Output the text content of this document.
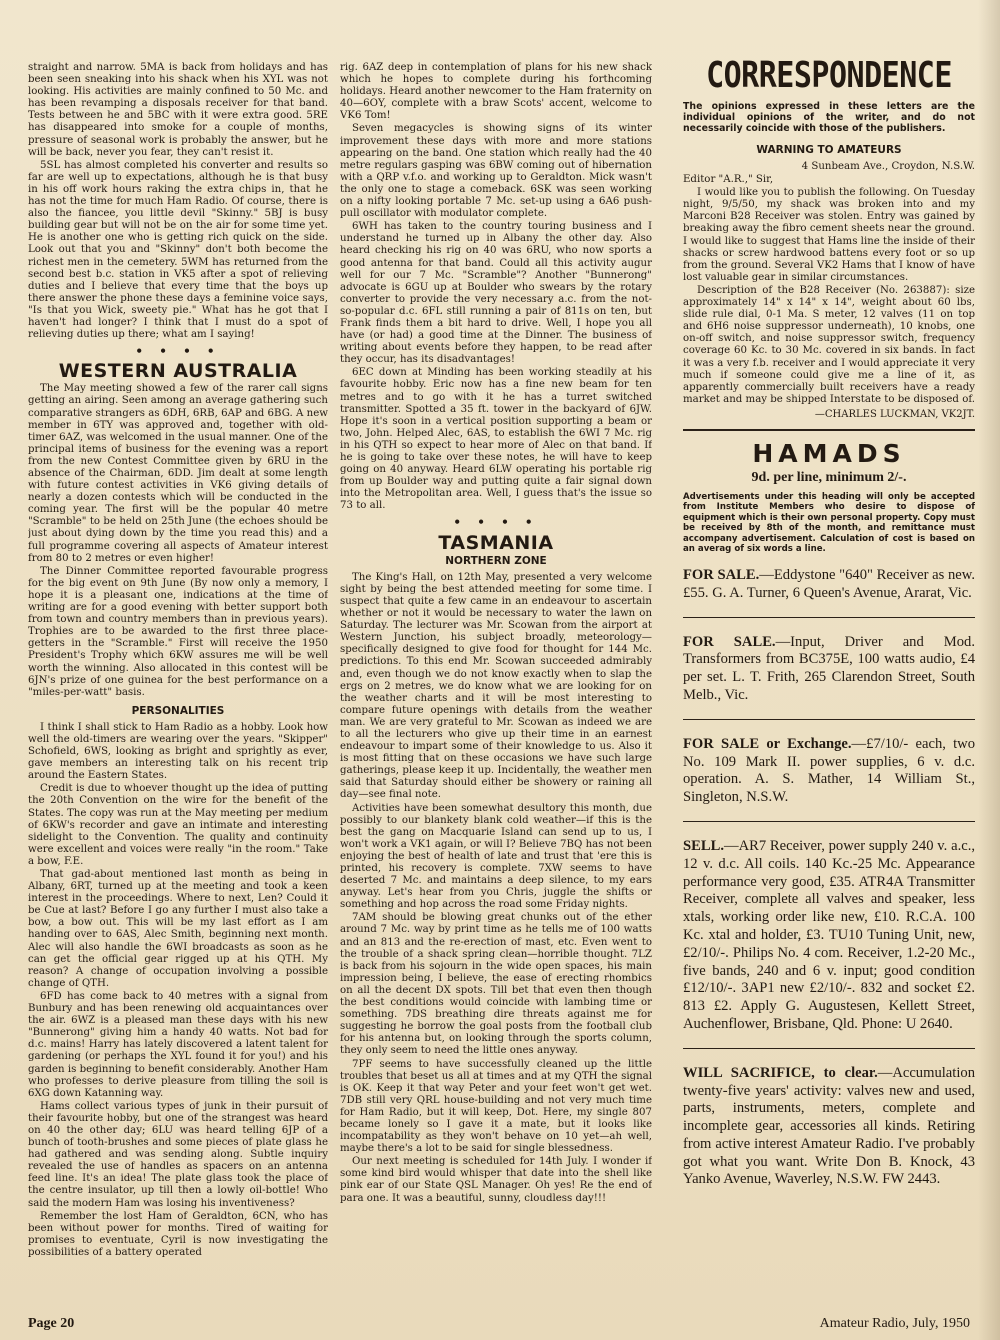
straight and narrow. 5MA is back from holidays and has been seen sneaking into his shack when his XYL was not looking. His activities are mainly confined to 50 Mc. and has been revamping a disposals receiver for that band. Tests between he and 5BC with it were extra good. 5RE has disappeared into smoke for a couple of months, pressure of seasonal work is probably the answer, but he will be back, never you fear, they can't resist it.

5SL has almost completed his converter and results so far are well up to expectations, although he is that busy in his off work hours raking the extra chips in, that he has not the time for much Ham Radio. Of course, there is also the fiancee, you little devil "Skinny." 5BJ is busy building gear but will not be on the air for some time yet. He is another one who is getting rich quick on the side. Look out that you and "Skinny" don't both become the richest men in the cemetery. 5WM has returned from the second best b.c. station in VK5 after a spot of relieving duties and I believe that every time that the boys up there answer the phone these days a feminine voice says, "Is that you Wick, sweety pie." What has he got that I haven't had longer? I think that I must do a spot of relieving duties up there; what am I saying!

• • • •
WESTERN AUSTRALIA

The May meeting showed a few of the rarer call signs getting an airing. Seen among an average gathering such comparative strangers as 6DH, 6RB, 6AP and 6BG. A new member in 6TY was approved and, together with old-timer 6AZ, was welcomed in the usual manner. One of the principal items of business for the evening was a report from the new Contest Committee given by 6RU in the absence of the Chairman, 6DD. Jim dealt at some length with future contest activities in VK6 giving details of nearly a dozen contests which will be conducted in the coming year. The first will be the popular 40 metre "Scramble" to be held on 25th June (the echoes should be just about dying down by the time you read this) and a full programme covering all aspects of Amateur interest from 80 to 2 metres or even higher!

The Dinner Committee reported favourable progress for the big event on 9th June (By now only a memory, I hope it is a pleasant one, indications at the time of writing are for a good evening with better support both from town and country members than in previous years). Trophies are to be awarded to the first three place-getters in the "Scramble." First will receive the 1950 President's Trophy which 6KW assures me will be well worth the winning. Also allocated in this contest will be 6JN's prize of one guinea for the best performance on a "miles-per-watt" basis.

PERSONALITIES

I think I shall stick to Ham Radio as a hobby. Look how well the old-timers are wearing over the years. "Skipper" Schofield, 6WS, looking as bright and sprightly as ever, gave members an interesting talk on his recent trip around the Eastern States.

Credit is due to whoever thought up the idea of putting the 20th Convention on the wire for the benefit of the States. The copy was run at the May meeting per medium of 6KW's recorder and gave an intimate and interesting sidelight to the Convention. The quality and continuity were excellent and voices were really "in the room." Take a bow, F.E.

That gad-about mentioned last month as being in Albany, 6RT, turned up at the meeting and took a keen interest in the proceedings. Where to next, Len? Could it be Cue at last? Before I go any further I must also take a bow, a bow out. This will be my last effort as I am handing over to 6AS, Alec Smith, beginning next month. Alec will also handle the 6WI broadcasts as soon as he can get the official gear rigged up at his QTH. My reason? A change of occupation involving a possible change of QTH.

6FD has come back to 40 metres with a signal from Bunbury and has been renewing old acquaintances over the air. 6WZ is a pleased man these days with his new "Bunnerong" giving him a handy 40 watts. Not bad for d.c. mains! Harry has lately discovered a latent talent for gardening (or perhaps the XYL found it for you!) and his garden is beginning to benefit considerably. Another Ham who professes to derive pleasure from tilling the soil is 6XG down Katanning way.

Hams collect various types of junk in their pursuit of their favourite hobby, but one of the strangest was heard on 40 the other day; 6LU was heard telling 6JP of a bunch of tooth-brushes and some pieces of plate glass he had gathered and was sending along. Subtle inquiry revealed the use of handles as spacers on an antenna feed line. It's an idea! The plate glass took the place of the centre insulator, up till then a lowly oil-bottle! Who said the modern Ham was losing his inventiveness?

Remember the lost Ham of Geraldton, 6CN, who has been without power for months. Tired of waiting for promises to eventuate, Cyril is now investigating the possibilities of a battery operated

rig. 6AZ deep in contemplation of plans for his new shack which he hopes to complete during his forthcoming holidays. Heard another newcomer to the Ham fraternity on 40—6OY, complete with a braw Scots' accent, welcome to VK6 Tom!

Seven megacycles is showing signs of its winter improvement these days with more and more stations appearing on the band. One station which really had the 40 metre regulars gasping was 6BW coming out of hibernation with a QRP v.f.o. and working up to Geraldton. Mick wasn't the only one to stage a comeback. 6SK was seen working on a nifty looking portable 7 Mc. set-up using a 6A6 push-pull oscillator with modulator complete.

6WH has taken to the country touring business and I understand he turned up in Albany the other day. Also heard checking his rig on 40 was 6RU, who now sports a good antenna for that band. Could all this activity augur well for our 7 Mc. "Scramble"? Another "Bunnerong" advocate is 6GU up at Boulder who swears by the rotary converter to provide the very necessary a.c. from the not-so-popular d.c. 6FL still running a pair of 811s on ten, but Frank finds them a bit hard to drive. Well, I hope you all have (or had) a good time at the Dinner. The business of writing about events before they happen, to be read after they occur, has its disadvantages!

6EC down at Minding has been working steadily at his favourite hobby. Eric now has a fine new beam for ten metres and to go with it he has a turret switched transmitter. Spotted a 35 ft. tower in the backyard of 6JW. Hope it's soon in a vertical position supporting a beam or two, John. Helped Alec, 6AS, to establish the 6WI 7 Mc. rig in his QTH so expect to hear more of Alec on that band. If he is going to take over these notes, he will have to keep going on 40 anyway. Heard 6LW operating his portable rig from up Boulder way and putting quite a fair signal down into the Metropolitan area. Well, I guess that's the issue so 73 to all.

• • • •
TASMANIA
NORTHERN ZONE

The King's Hall, on 12th May, presented a very welcome sight by being the best attended meeting for some time. I suspect that quite a few came in an endeavour to ascertain whether or not it would be necessary to water the lawn on Saturday. The lecturer was Mr. Scowan from the airport at Western Junction, his subject broadly, meteorology—specifically designed to give food for thought for 144 Mc. predictions. To this end Mr. Scowan succeeded admirably and, even though we do not know exactly when to slap the ergs on 2 metres, we do know what we are looking for on the weather charts and it will be most interesting to compare future openings with details from the weather man. We are very grateful to Mr. Scowan as indeed we are to all the lecturers who give up their time in an earnest endeavour to impart some of their knowledge to us. Also it is most fitting that on these occasions we have such large gatherings, please keep it up. Incidentally, the weather men said that Saturday should either be showery or raining all day—see final note.

Activities have been somewhat desultory this month, due possibly to our blankety blank cold weather—if this is the best the gang on Macquarie Island can send up to us, I won't work a VK1 again, or will I? Believe 7BQ has not been enjoying the best of health of late and trust that 'ere this is printed, his recovery is complete. 7XW seems to have deserted 7 Mc. and maintains a deep silence, to my ears anyway. Let's hear from you Chris, juggle the shifts or something and hop across the road some Friday nights.

7AM should be blowing great chunks out of the ether around 7 Mc. way by print time as he tells me of 100 watts and an 813 and the re-erection of mast, etc. Even went to the trouble of a shack spring clean—horrible thought. 7LZ is back from his sojourn in the wide open spaces, his main impression being, I believe, the ease of erecting rhombics on all the decent DX spots. Till bet that even then though the best conditions would coincide with lambing time or something. 7DS breathing dire threats against me for suggesting he borrow the goal posts from the football club for his antenna but, on looking through the sports column, they only seem to need the little ones anyway.

7PF seems to have successfully cleaned up the little troubles that beset us all at times and at my QTH the signal is OK. Keep it that way Peter and your feet won't get wet. 7DB still very QRL house-building and not very much time for Ham Radio, but it will keep, Dot. Here, my single 807 became lonely so I gave it a mate, but it looks like incompatability as they won't behave on 10 yet—ah well, maybe there's a lot to be said for single blessedness.

Our next meeting is scheduled for 14th July. I wonder if some kind bird would whisper that date into the shell like pink ear of our State QSL Manager. Oh yes! Re the end of para one. It was a beautiful, sunny, cloudless day!!!

CORRESPONDENCE
The opinions expressed in these letters are the individual opinions of the writer, and do not necessarily coincide with those of the publishers.
WARNING TO AMATEURS

4 Sunbeam Ave., Croydon, N.S.W.

Editor "A.R.," Sir,

I would like you to publish the following. On Tuesday night, 9/5/50, my shack was broken into and my Marconi B28 Receiver was stolen. Entry was gained by breaking away the fibro cement sheets near the ground. I would like to suggest that Hams line the inside of their shacks or screw hardwood battens every foot or so up from the ground. Several VK2 Hams that I know of have lost valuable gear in similar circumstances.

Description of the B28 Receiver (No. 263887): size approximately 14" x 14" x 14", weight about 60 lbs, slide rule dial, 0-1 Ma. S meter, 12 valves (11 on top and 6H6 noise suppressor underneath), 10 knobs, one on-off switch, and noise suppressor switch, frequency coverage 60 Kc. to 30 Mc. covered in six bands. In fact it was a very f.b. receiver and I would appreciate it very much if someone could give me a line of it, as apparently commercially built receivers have a ready market and may be shipped Interstate to be disposed of.

—CHARLES LUCKMAN, VK2JT.
HAMADS
9d. per line, minimum 2/-.
Advertisements under this heading will only be accepted from Institute Members who desire to dispose of equipment which is their own personal property. Copy must be received by 8th of the month, and remittance must accompany advertisement. Calculation of cost is based on an averag of six words a line.
FOR SALE.—Eddystone "640" Receiver as new. £55. G. A. Turner, 6 Queen's Avenue, Ararat, Vic.
FOR SALE.—Input, Driver and Mod. Transformers from BC375E, 100 watts audio, £4 per set. L. T. Frith, 265 Clarendon Street, South Melb., Vic.
FOR SALE or Exchange.—£7/10/- each, two No. 109 Mark II. power supplies, 6 v. d.c. operation. A. S. Mather, 14 William St., Singleton, N.S.W.
SELL.—AR7 Receiver, power supply 240 v. a.c., 12 v. d.c. All coils. 140 Kc.-25 Mc. Appearance performance very good, £35. ATR4A Transmitter Receiver, complete all valves and speaker, less xtals, working order like new, £10. R.C.A. 100 Kc. xtal and holder, £3. TU10 Tuning Unit, new, £2/10/-. Philips No. 4 com. Receiver, 1.2-20 Mc., five bands, 240 and 6 v. input; good condition £12/10/-. 3AP1 new £2/10/-. 832 and socket £2. 813 £2. Apply G. Augustesen, Kellett Street, Auchenflower, Brisbane, Qld. Phone: U 2640.
WILL SACRIFICE, to clear.—Accumulation twenty-five years' activity: valves new and used, parts, instruments, meters, complete and incomplete gear, accessories all kinds. Retiring from active interest Amateur Radio. I've probably got what you want. Write Don B. Knock, 43 Yanko Avenue, Waverley, N.S.W. FW 2443.
Page 20	Amateur Radio, July, 1950
